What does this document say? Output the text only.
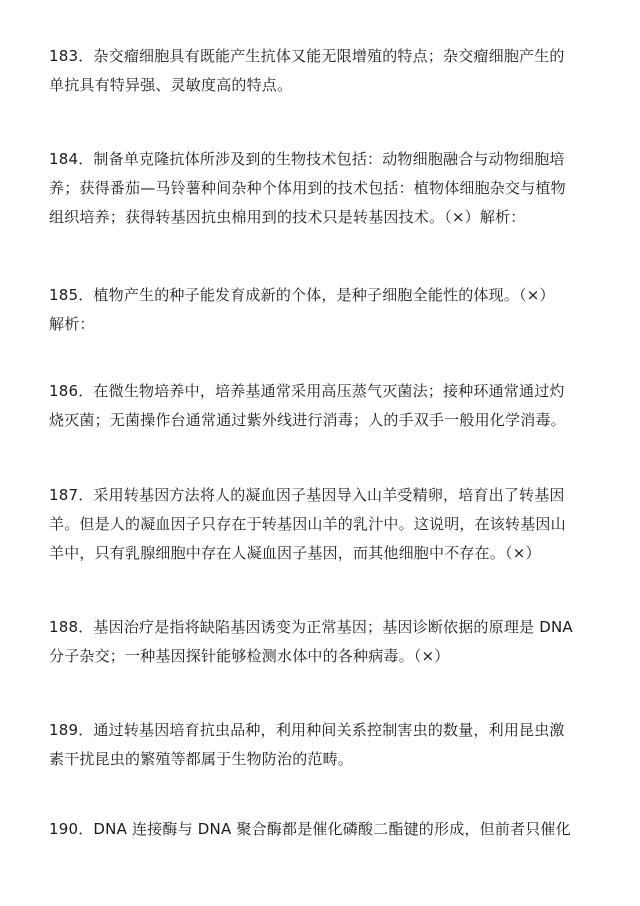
183．杂交瘤细胞具有既能产生抗体又能无限增殖的特点；杂交瘤细胞产生的
单抗具有特异强、灵敏度高的特点。
184．制备单克隆抗体所涉及到的生物技术包括：动物细胞融合与动物细胞培
养；获得番茄—马铃薯种间杂种个体用到的技术包括：植物体细胞杂交与植物
组织培养；获得转基因抗虫棉用到的技术只是转基因技术。（×）解析：
185．植物产生的种子能发育成新的个体，是种子细胞全能性的体现。（×）
解析：
186．在微生物培养中，培养基通常采用高压蒸气灭菌法；接种环通常通过灼
烧灭菌；无菌操作台通常通过紫外线进行消毒；人的手双手一般用化学消毒。
187．采用转基因方法将人的凝血因子基因导入山羊受精卵，培育出了转基因
羊。但是人的凝血因子只存在于转基因山羊的乳汁中。这说明，在该转基因山
羊中，只有乳腺细胞中存在人凝血因子基因，而其他细胞中不存在。（×）
188．基因治疗是指将缺陷基因诱变为正常基因；基因诊断依据的原理是 DNA
分子杂交；一种基因探针能够检测水体中的各种病毒。（×）
189．通过转基因培育抗虫品种，利用种间关系控制害虫的数量，利用昆虫激
素干扰昆虫的繁殖等都属于生物防治的范畴。
190．DNA 连接酶与 DNA 聚合酶都是催化磷酸二酯键的形成，但前者只催化
